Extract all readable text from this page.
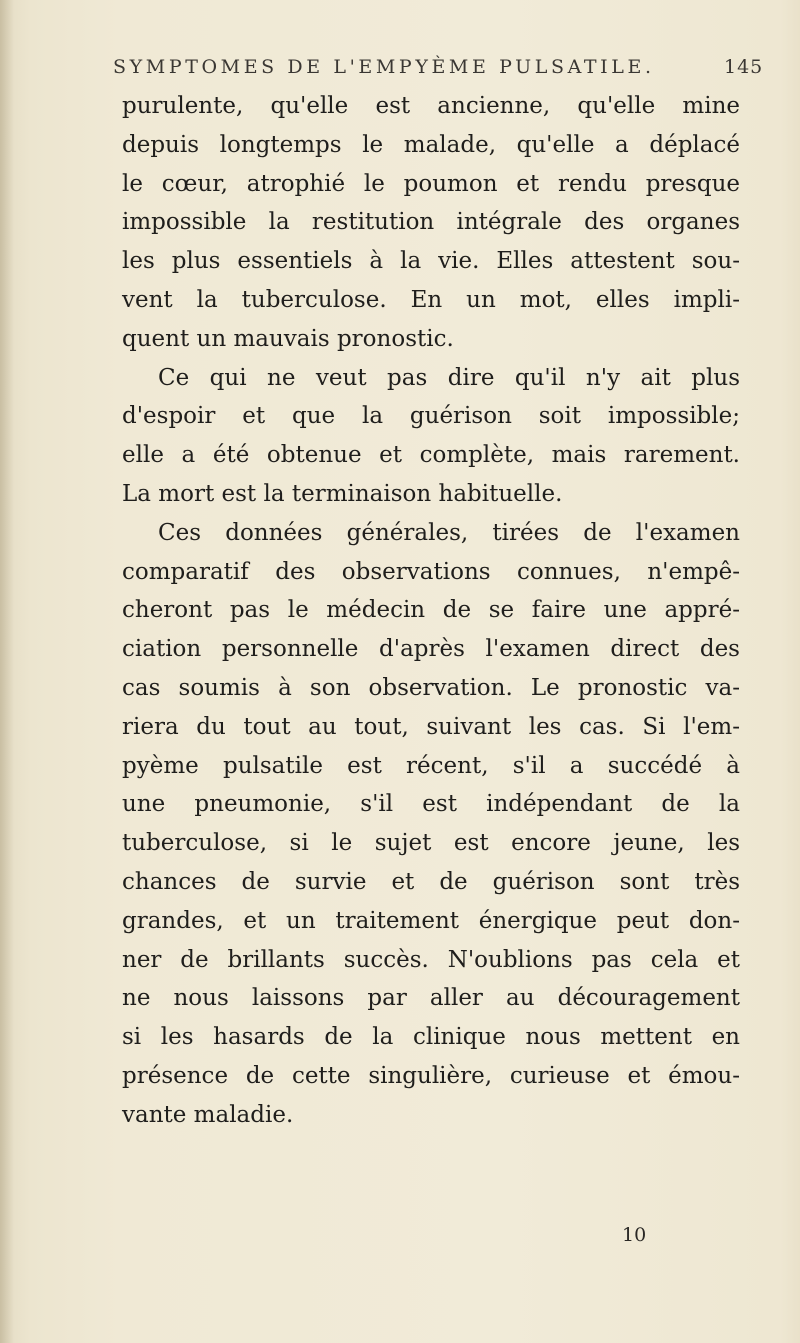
SYMPTOMES DE L'EMPYÈME PULSATILE.	145
purulente, qu'elle est ancienne, qu'elle mine
depuis longtemps le malade, qu'elle a déplacé
le cœur, atrophié le poumon et rendu presque
impossible la restitution intégrale des organes
les plus essentiels à la vie. Elles attestent sou-
vent la tuberculose. En un mot, elles impli-
quent un mauvais pronostic.
Ce qui ne veut pas dire qu'il n'y ait plus
d'espoir et que la guérison soit impossible;
elle a été obtenue et complète, mais rarement.
La mort est la terminaison habituelle.
Ces données générales, tirées de l'examen
comparatif des observations connues, n'empê-
cheront pas le médecin de se faire une appré-
ciation personnelle d'après l'examen direct des
cas soumis à son observation. Le pronostic va-
riera du tout au tout, suivant les cas. Si l'em-
pyème pulsatile est récent, s'il a succédé à
une pneumonie, s'il est indépendant de la
tuberculose, si le sujet est encore jeune, les
chances de survie et de guérison sont très
grandes, et un traitement énergique peut don-
ner de brillants succès. N'oublions pas cela et
ne nous laissons par aller au découragement
si les hasards de la clinique nous mettent en
présence de cette singulière, curieuse et émou-
vante maladie.
10
